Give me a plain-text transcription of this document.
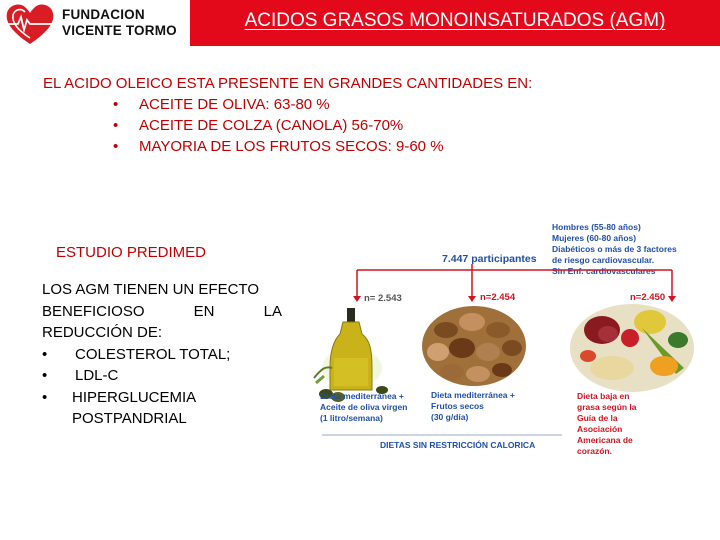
FUNDACION
VICENTE TORMO	ACIDOS GRASOS MONOINSATURADOS (AGM)
EL ACIDO OLEICO ESTA PRESENTE EN GRANDES CANTIDADES EN:
• ACEITE DE OLIVA: 63-80 %
• ACEITE DE COLZA (CANOLA) 56-70%
• MAYORIA DE LOS FRUTOS SECOS: 9-60 %
ESTUDIO PREDIMED
LOS AGM TIENEN UN EFECTO
BENEFICIOSO	EN	LA
REDUCCIÓN DE:
•	COLESTEROL TOTAL;
•	LDL-C
•	HIPERGLUCEMIA POSTPANDRIAL
7.447 participantes
Hombres (55-80 años)
Mujeres (60-80 años)
Diabéticos o más de 3 factores
de riesgo cardiovascular.
Sin Enf. cardiovasculares
n= 2.543	n=2.454	n=2.450
Dieta mediterránea +
Aceite de oliva virgen
(1 litro/semana)
Dieta mediterránea +
Frutos secos
(30 g/día)
Dieta baja en
grasa según la
Guía de la
Asociación
Americana de
corazón.
DIETAS SIN RESTRICCIÓN CALORICA
